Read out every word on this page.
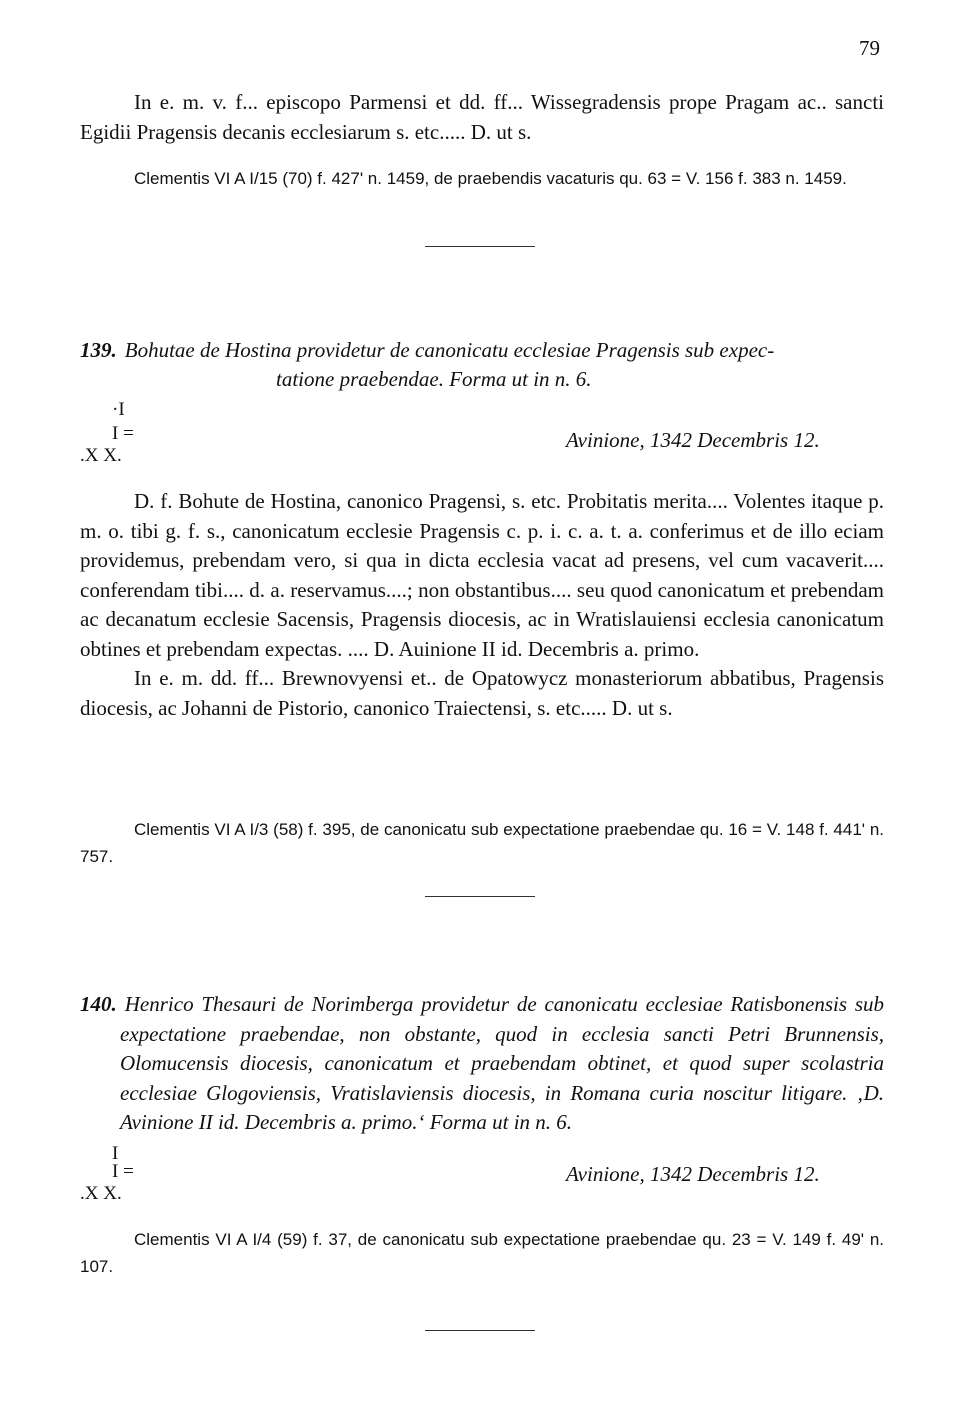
79

In e. m. v. f... episcopo Parmensi et dd. ff... Wissegradensis prope Pragam ac.. sancti Egidii Pragensis decanis ecclesiarum s. etc..... D. ut s.

Clementis VI A I/15 (70) f. 427' n. 1459, de praebendis vacaturis qu. 63 = V. 156 f. 383 n. 1459.

139. Bohutae de Hostina providetur de canonicatu ecclesiae Pragensis sub expec-
tatione praebendae. Forma ut in n. 6.
·I
I =
.X X.
Avinione, 1342 Decembris 12.

D. f. Bohute de Hostina, canonico Pragensi, s. etc. Probitatis merita.... Volentes itaque p. m. o. tibi g. f. s., canonicatum ecclesie Pragensis c. p. i. c. a. t. a. conferimus et de illo eciam providemus, prebendam vero, si qua in dicta ecclesia vacat ad presens, vel cum vacaverit.... conferendam tibi.... d. a. reservamus....; non obstantibus.... seu quod canonicatum et prebendam ac decanatum ecclesie Sacensis, Pragensis diocesis, ac in Wratislauiensi ecclesia canonicatum obtines et prebendam expectas. .... D. Auinione II id. Decembris a. primo.

In e. m. dd. ff... Brewnovyensi et.. de Opatowycz monasteriorum abbatibus, Pragensis diocesis, ac Johanni de Pistorio, canonico Traiectensi, s. etc..... D. ut s.

Clementis VI A I/3 (58) f. 395, de canonicatu sub expectatione praebendae qu. 16 = V. 148 f. 441' n. 757.

140. Henrico Thesauri de Norimberga providetur de canonicatu ecclesiae Ratisbonensis sub expectatione praebendae, non obstante, quod in ecclesia sancti Petri Brunnensis, Olomucensis diocesis, canonicatum et praebendam obtinet, et quod super scolastria ecclesiae Glogoviensis, Vratislaviensis diocesis, in Romana curia noscitur litigare. ‚D. Avinione II id. Decembris a. primo.‘ Forma ut in n. 6.

I
I =
.X X.
Avinione, 1342 Decembris 12.

Clementis VI A I/4 (59) f. 37, de canonicatu sub expectatione praebendae qu. 23 = V. 149 f. 49' n. 107.
